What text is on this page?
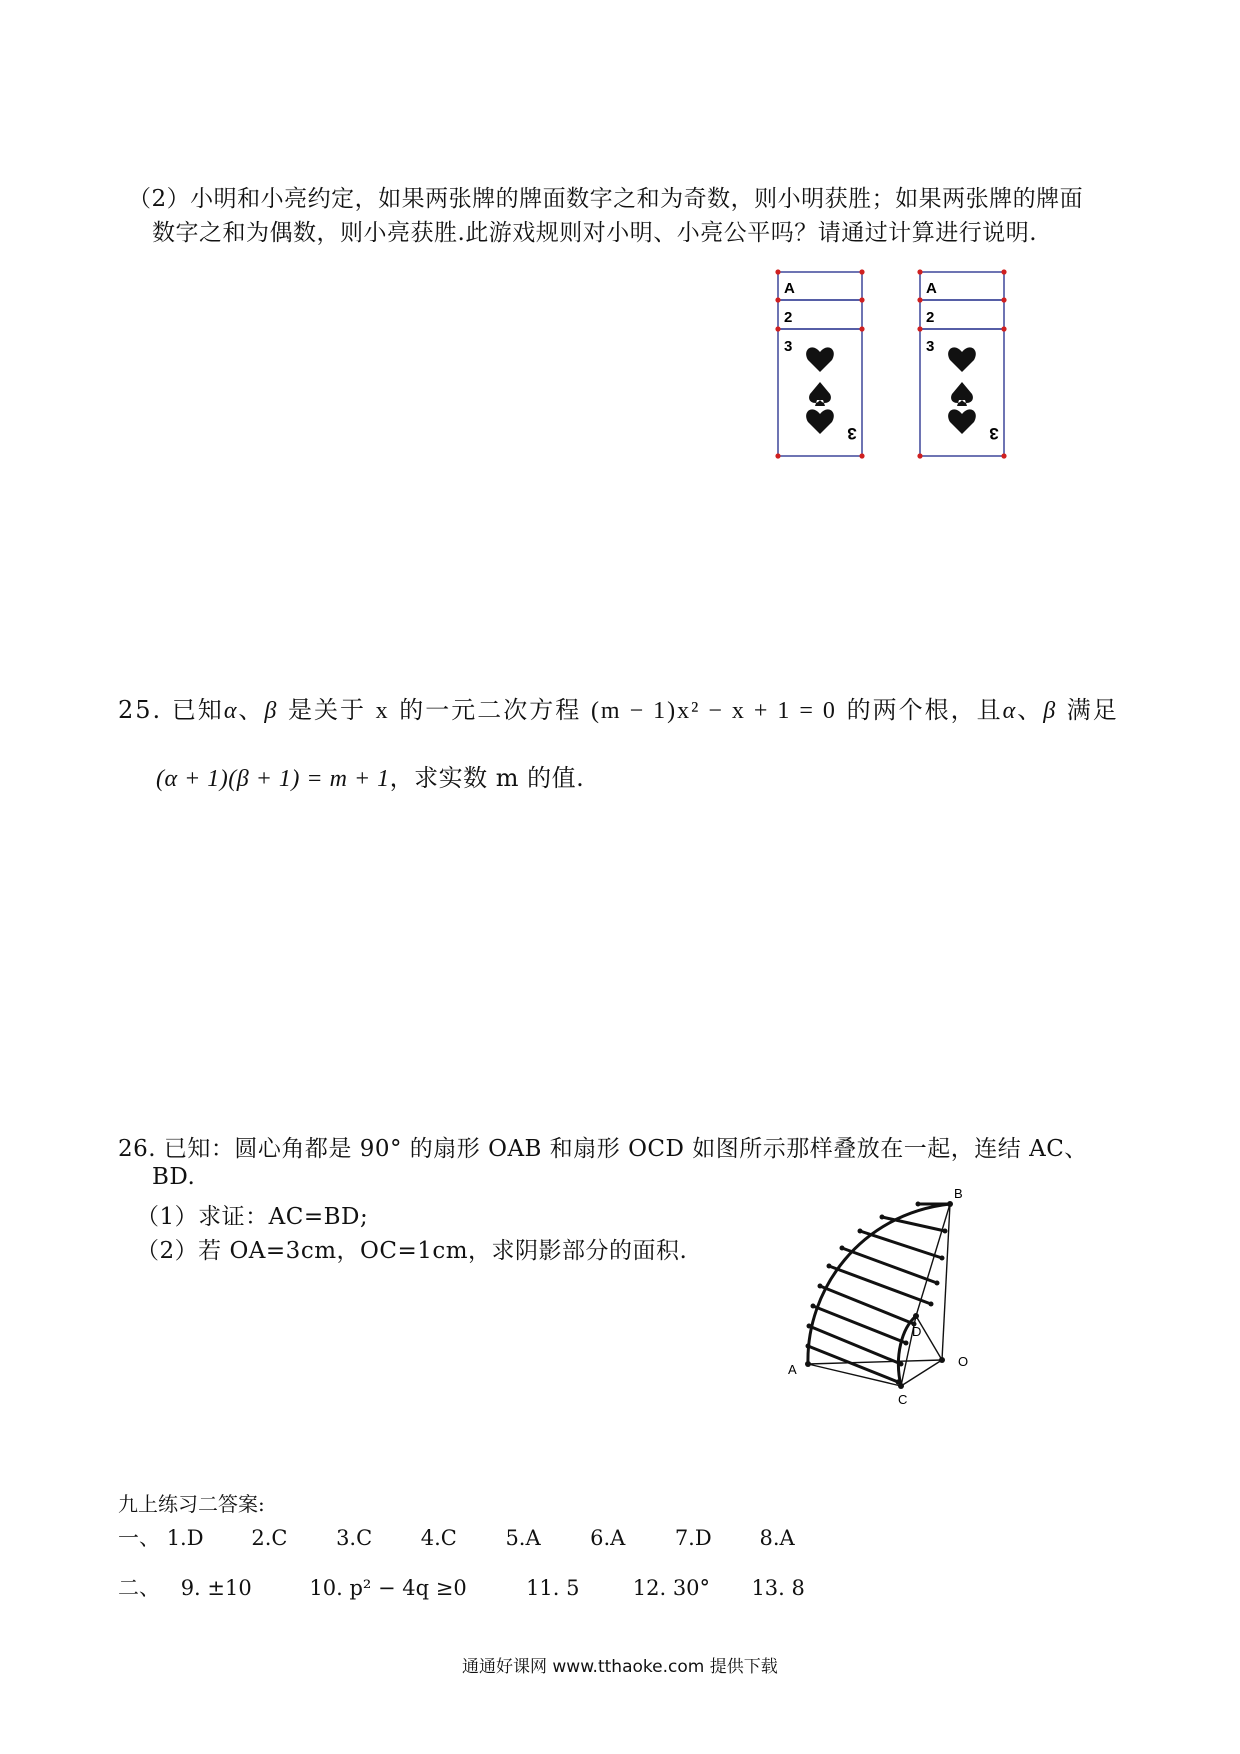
（2）小明和小亮约定，如果两张牌的牌面数字之和为奇数，则小明获胜；如果两张牌的牌面
数字之和为偶数，则小亮获胜.此游戏规则对小明、小亮公平吗？请通过计算进行说明.
A
2
3
3
A
2
3
3
25. 已知α、β 是关于 x 的一元二次方程 (m − 1)x² − x + 1 = 0 的两个根，且α、β 满足
(α + 1)(β + 1) = m + 1，求实数 m 的值.
26. 已知：圆心角都是 90° 的扇形 OAB 和扇形 OCD 如图所示那样叠放在一起，连结 AC、
BD.
（1）求证：AC=BD;
（2）若 OA=3cm，OC=1cm，求阴影部分的面积.
A
B
C
D
O
九上练习二答案:
一、 1.D 2.C 3.C 4.C 5.A 6.A 7.D 8.A
二、 9. ±10	10. p² − 4q ≥0	11. 5	12. 30° 13. 8
通通好课网 www.tthaoke.com 提供下载
